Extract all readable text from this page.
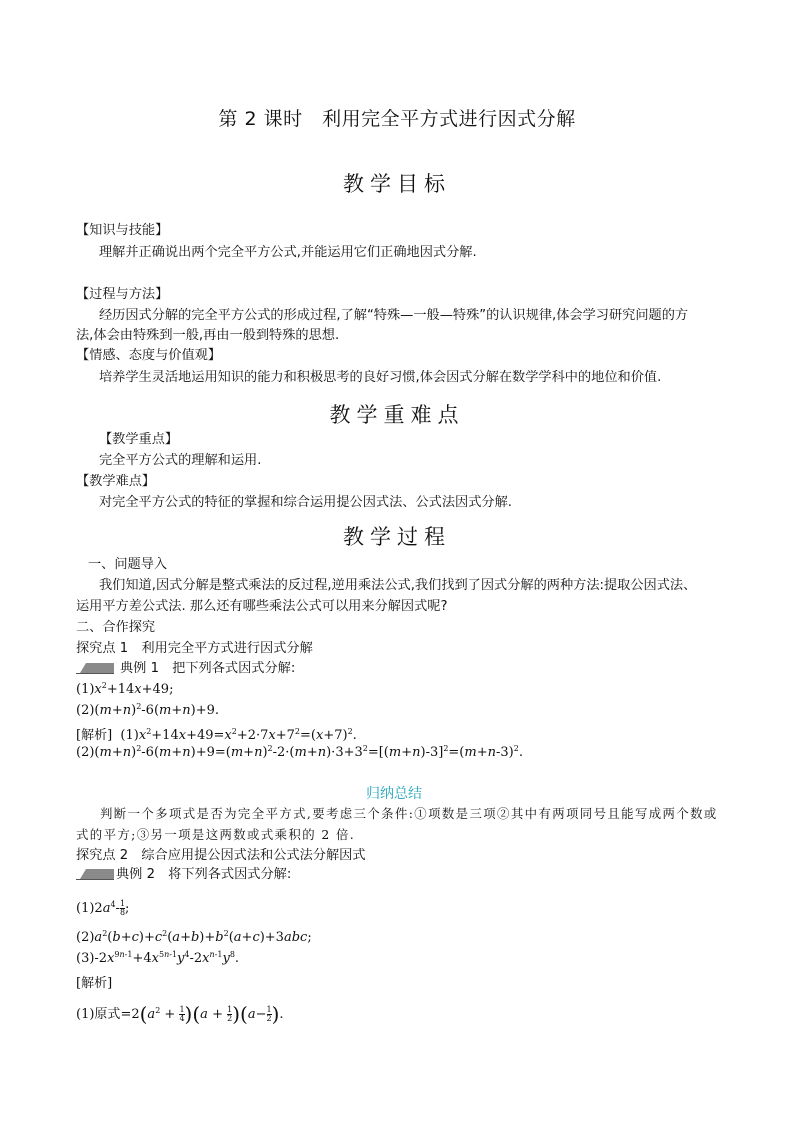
第 2 课时　利用完全平方式进行因式分解
教学目标
【知识与技能】
理解并正确说出两个完全平方公式,并能运用它们正确地因式分解.
【过程与方法】
经历因式分解的完全平方公式的形成过程,了解“特殊—一般—特殊”的认识规律,体会学习研究问题的方
法,体会由特殊到一般,再由一般到特殊的思想.
【情感、态度与价值观】
培养学生灵活地运用知识的能力和积极思考的良好习惯,体会因式分解在数学学科中的地位和价值.
教学重难点
【教学重点】
完全平方公式的理解和运用.
【教学难点】
对完全平方公式的特征的掌握和综合运用提公因式法、公式法因式分解.
教学过程
一、问题导入
我们知道,因式分解是整式乘法的反过程,逆用乘法公式,我们找到了因式分解的两种方法:提取公因式法、
运用平方差公式法. 那么还有哪些乘法公式可以用来分解因式呢?
二、合作探究
探究点 1　利用完全平方式进行因式分解
典例 1　把下列各式因式分解:
$(1)x^2+14x+49$;
$(2)(m+n)^2-6(m+n)+9$.
[解析]  $(1)x^2+14x+49=x^2+2\cdot 7x+7^2=(x+7)^2$.
$(2)(m+n)^2-6(m+n)+9=(m+n)^2-2\cdot(m+n)\cdot 3+3^2=[(m+n)-3]^2=(m+n-3)^2$.
归纳总结
判断一个多项式是否为完全平方式,要考虑三个条件:①项数是三项②其中有两项同号且能写成两个数或
式的平方;③另一项是这两数或式乘积的 2 倍.
探究点 2　综合应用提公因式法和公式法分解因式
典例 2　将下列各式因式分解:
$(1)2a^4- \frac{1}{8}$ ;
$(2)a^2(b+c)+c^2(a+b)+b^2(a+c)+3abc$;
$(3)-2x^{9n-1}+4x^{5n-1}y^4-2x^{n-1}y^8$.
[解析]
(1)原式$=2(a^2 + \frac{1}{4} )(a + \frac{1}{2} )(a- \frac{1}{2}$ ).
